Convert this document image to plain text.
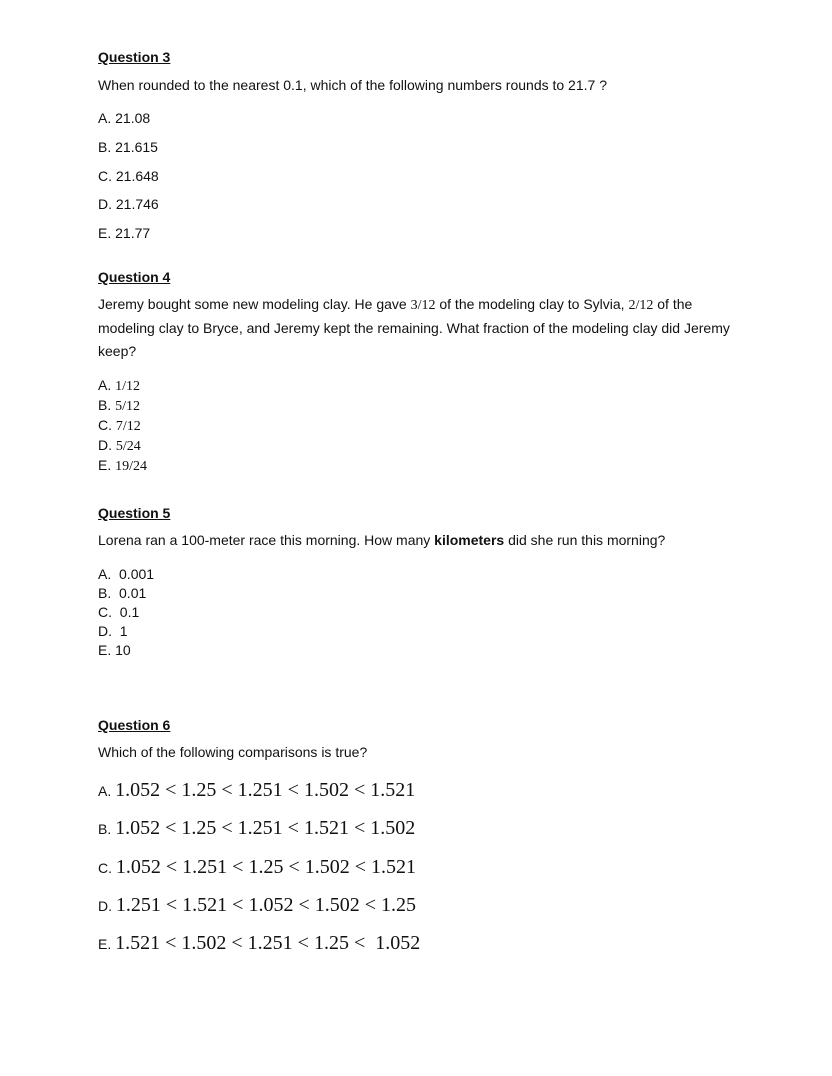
Question 3
When rounded to the nearest 0.1, which of the following numbers rounds to 21.7 ?
A. 21.08
B. 21.615
C. 21.648
D. 21.746
E. 21.77
Question 4
Jeremy bought some new modeling clay. He gave 3/12 of the modeling clay to Sylvia, 2/12 of the modeling clay to Bryce, and Jeremy kept the remaining. What fraction of the modeling clay did Jeremy keep?
A. 1/12
B. 5/12
C. 7/12
D. 5/24
E. 19/24
Question 5
Lorena ran a 100-meter race this morning. How many kilometers did she run this morning?
A. 0.001
B. 0.01
C. 0.1
D. 1
E. 10
Question 6
Which of the following comparisons is true?
A. 1.052 < 1.25 < 1.251 < 1.502 < 1.521
B. 1.052 < 1.25 < 1.251 < 1.521 < 1.502
C. 1.052 < 1.251 < 1.25 < 1.502 < 1.521
D. 1.251 < 1.521 < 1.052 < 1.502 < 1.25
E. 1.521 < 1.502 < 1.251 < 1.25 <  1.052
